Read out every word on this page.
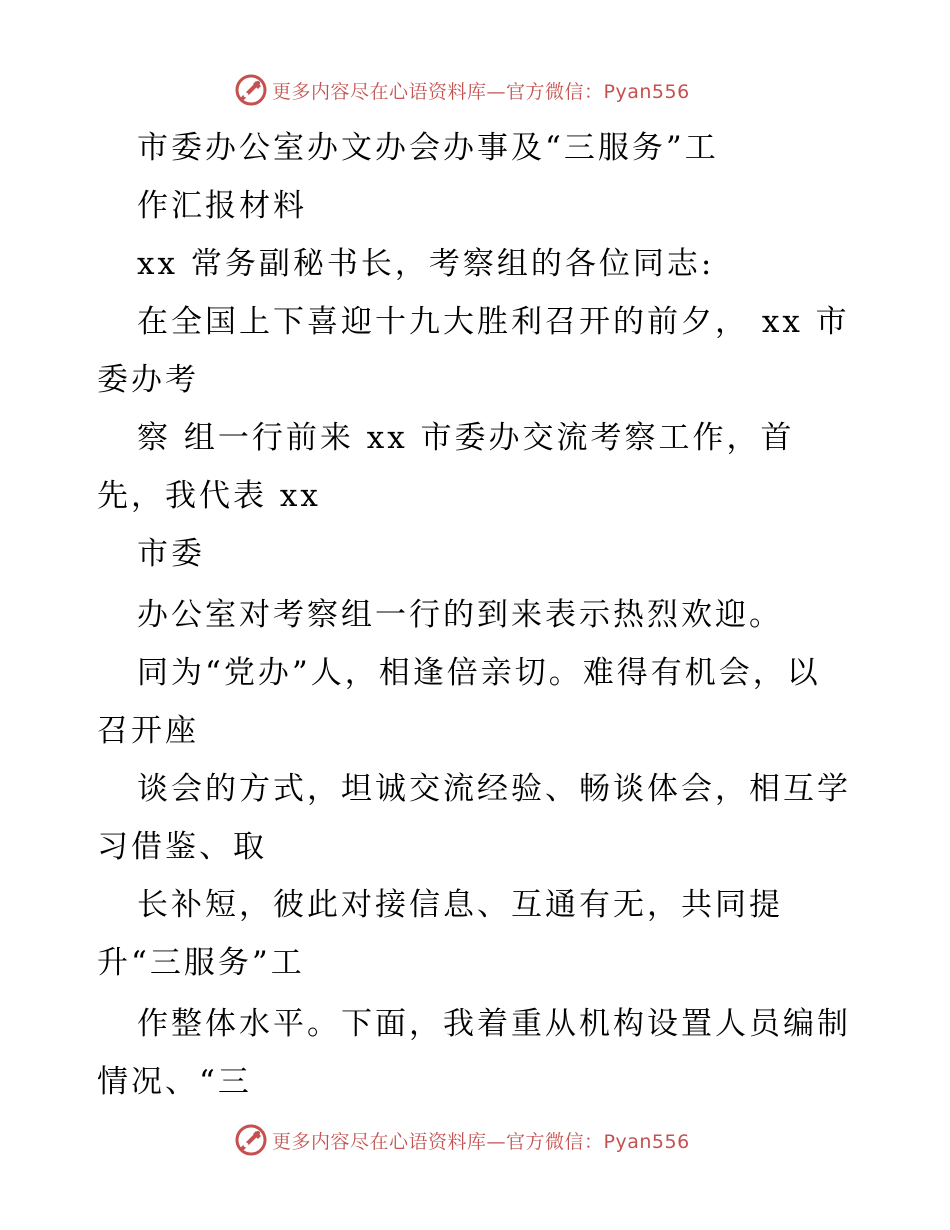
更多内容尽在心语资料库—官方微信：Pyan556
市委办公室办文办会办事及“三服务”工
作汇报材料
xx 常务副秘书长，考察组的各位同志:
在全国上下喜迎十九大胜利召开的前夕， xx 市
委办考
察 组一行前来 xx 市委办交流考察工作，首
先，我代表 xx
市委
办公室对考察组一行的到来表示热烈欢迎。
同为“党办”人，相逢倍亲切。难得有机会，以
召开座
谈会的方式，坦诚交流经验、畅谈体会，相互学
习借鉴、取
长补短，彼此对接信息、互通有无，共同提
升“三服务”工
作整体水平。下面，我着重从机构设置人员编制
情况、“三
更多内容尽在心语资料库—官方微信：Pyan556
